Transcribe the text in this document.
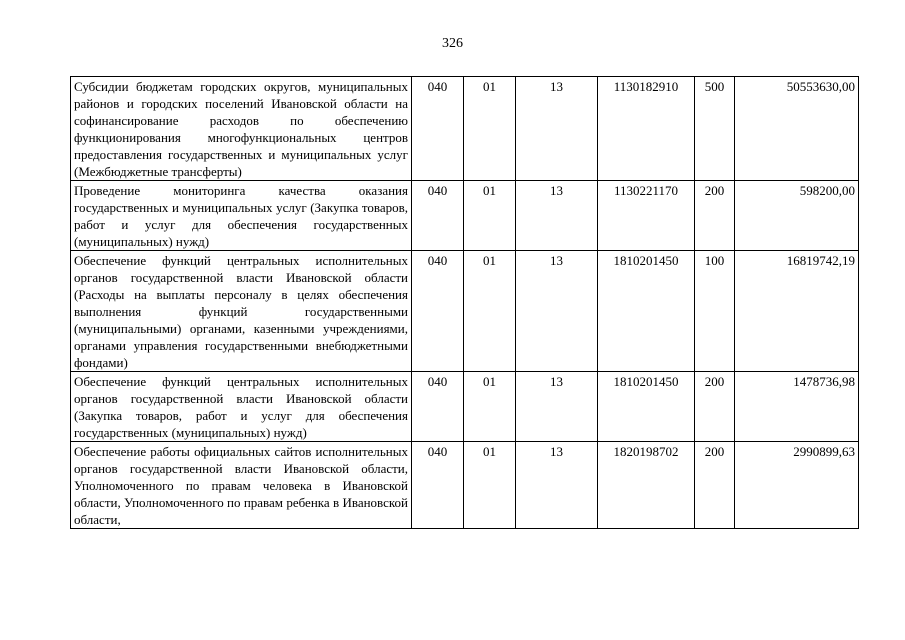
326
Субсидии бюджетам городских округов, муниципальных районов и городских поселений Ивановской области на софинансирование расходов по обеспечению функционирования многофункциональных центров предоставления государственных и муниципальных услуг (Межбюджетные трансферты)	040	01	13	1130182910	500	50553630,00
Проведение мониторинга качества оказания государственных и муниципальных услуг (Закупка товаров, работ и услуг для обеспечения государственных (муниципальных) нужд)	040	01	13	1130221170	200	598200,00
Обеспечение функций центральных исполнительных органов государственной власти Ивановской области (Расходы на выплаты персоналу в целях обеспечения выполнения функций государственными (муниципальными) органами, казенными учреждениями, органами управления государственными внебюджетными фондами)	040	01	13	1810201450	100	16819742,19
Обеспечение функций центральных исполнительных органов государственной власти Ивановской области (Закупка товаров, работ и услуг для обеспечения государственных (муниципальных) нужд)	040	01	13	1810201450	200	1478736,98
Обеспечение работы официальных сайтов исполнительных органов государственной власти Ивановской области, Уполномоченного по правам человека в Ивановской области, Уполномоченного по правам ребенка в Ивановской области,	040	01	13	1820198702	200	2990899,63
